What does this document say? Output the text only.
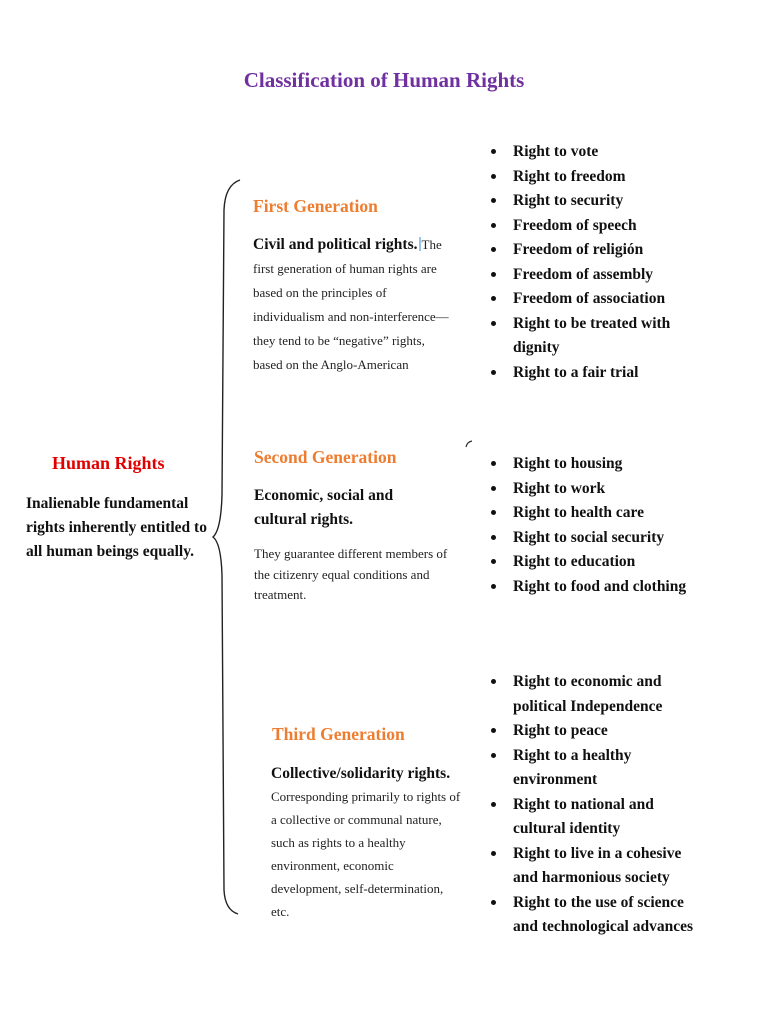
Classification of Human Rights
Human Rights
Inalienable fundamental rights inherently entitled to all human beings equally.
First Generation
Civil and political rights. The first generation of human rights are based on the principles of individualism and non-interference—they tend to be “negative” rights, based on the Anglo-American
Right to vote
Right to freedom
Right to security
Freedom of speech
Freedom of religión
Freedom of assembly
Freedom of association
Right to be treated with dignity
Right to a fair trial
Second Generation
Economic, social and cultural rights.
They guarantee different members of the citizenry equal conditions and treatment.
Right to housing
Right to work
Right to health care
Right to social security
Right to education
Right to food and clothing
Third Generation
Collective/solidarity rights. Corresponding primarily to rights of a collective or communal nature, such as rights to a healthy environment, economic development, self-determination, etc.
Right to economic and political Independence
Right to peace
Right to a healthy environment
Right to national and cultural identity
Right to live in a cohesive and harmonious society
Right to the use of science and technological advances
